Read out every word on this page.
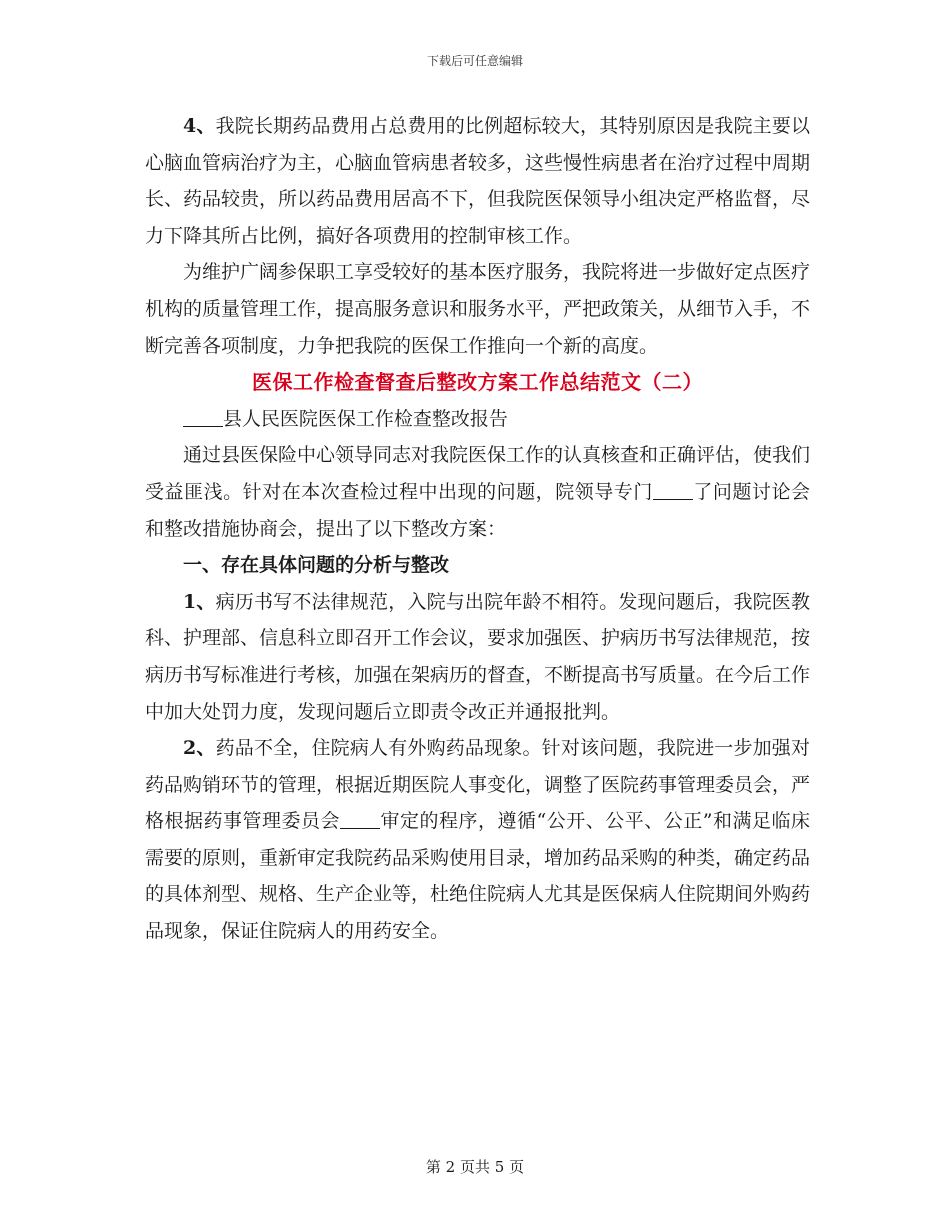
下载后可任意编辑

4、我院长期药品费用占总费用的比例超标较大，其特别原因是我院主要以心脑血管病治疗为主，心脑血管病患者较多，这些慢性病患者在治疗过程中周期长、药品较贵，所以药品费用居高不下，但我院医保领导小组决定严格监督，尽力下降其所占比例，搞好各项费用的控制审核工作。

为维护广阔参保职工享受较好的基本医疗服务，我院将进一步做好定点医疗机构的质量管理工作，提高服务意识和服务水平，严把政策关，从细节入手，不断完善各项制度，力争把我院的医保工作推向一个新的高度。

医保工作检查督查后整改方案工作总结范文（二）

县人民医院医保工作检查整改报告

通过县医保险中心领导同志对我院医保工作的认真核查和正确评估，使我们受益匪浅。针对在本次查检过程中出现的问题，院领导专门 了问题讨论会和整改措施协商会，提出了以下整改方案：

一、存在具体问题的分析与整改

1、病历书写不法律规范，入院与出院年龄不相符。发现问题后，我院医教科、护理部、信息科立即召开工作会议，要求加强医、护病历书写法律规范，按病历书写标准进行考核，加强在架病历的督查，不断提高书写质量。在今后工作中加大处罚力度，发现问题后立即责令改正并通报批判。

2、药品不全，住院病人有外购药品现象。针对该问题，我院进一步加强对药品购销环节的管理，根据近期医院人事变化，调整了医院药事管理委员会，严格根据药事管理委员会 审定的程序，遵循“公开、公平、公正”和满足临床需要的原则，重新审定我院药品采购使用目录，增加药品采购的种类，确定药品的具体剂型、规格、生产企业等，杜绝住院病人尤其是医保病人住院期间外购药品现象，保证住院病人的用药安全。

第 2 页共 5 页
